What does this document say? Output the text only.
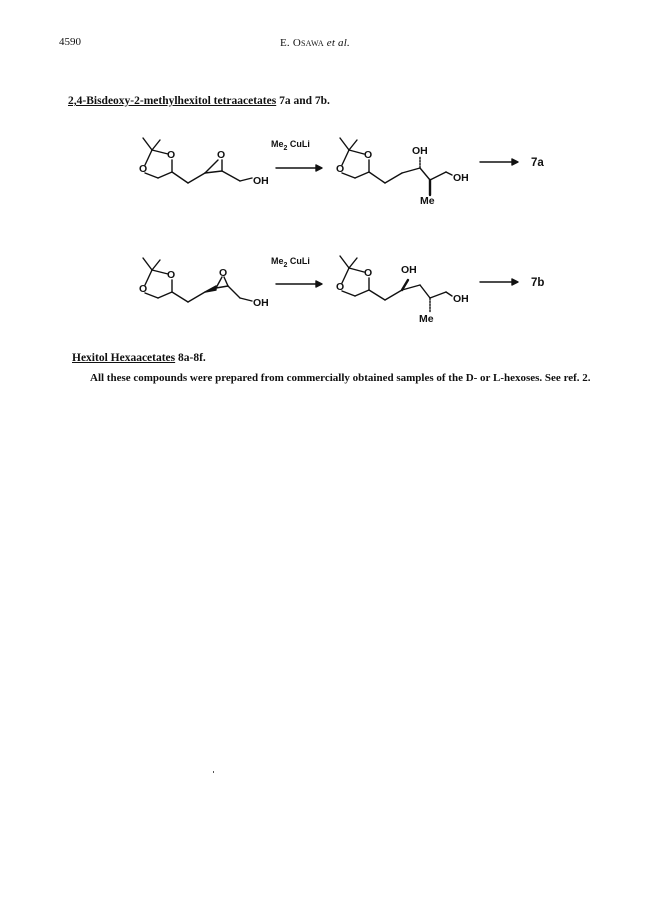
4590	E. Osawa et al.
2,4-Bisdeoxy-2-methylhexitol tetraacetates 7a and 7b.
O
O
O
OH
$Me_2$ CuLi
O
O
OH
OH
Me
7a
O
O
O
OH
$Me_2$ CuLi
O
O
OH
OH
Me
7b
Hexitol Hexaacetates 8a-8f.
All these compounds were prepared from commercially obtained samples of the D- or L-hexoses. See ref. 2.
